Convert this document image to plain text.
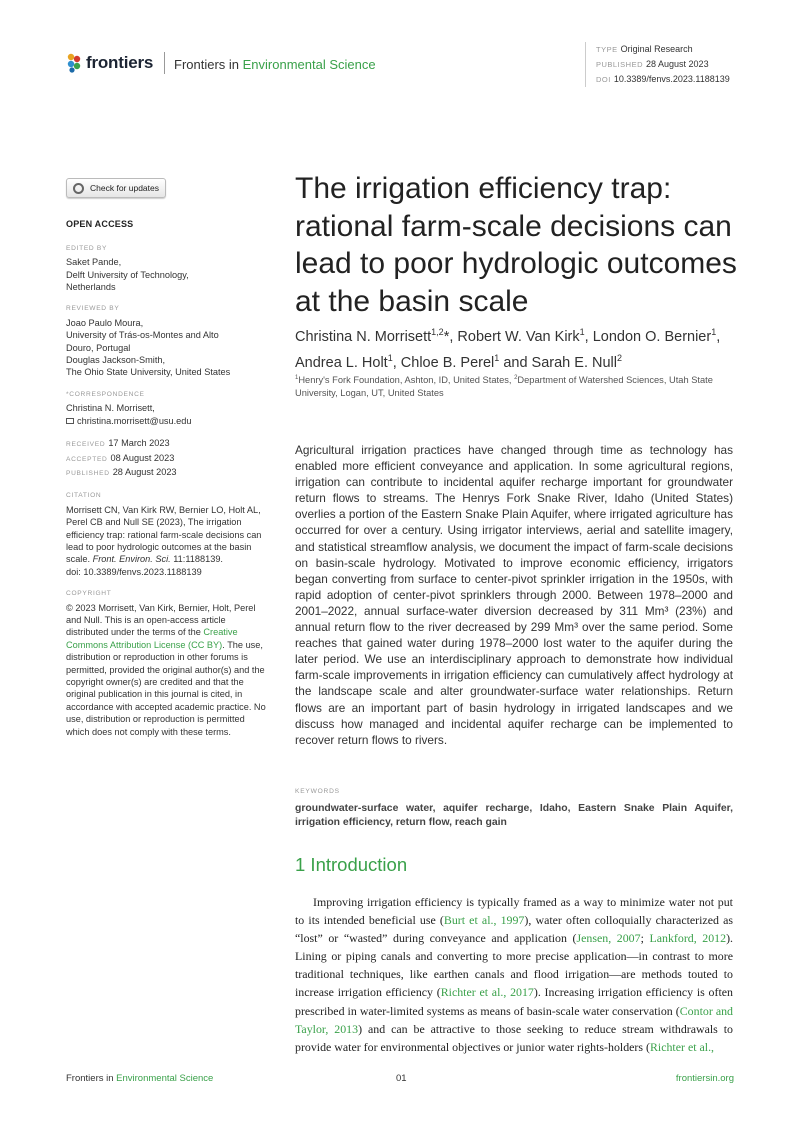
frontiers Frontiers in Environmental Science
TYPE Original Research
PUBLISHED 28 August 2023
DOI 10.3389/fenvs.2023.1188139
Check for updates
OPEN ACCESS
EDITED BY
Saket Pande,
Delft University of Technology,
Netherlands
REVIEWED BY
Joao Paulo Moura,
University of Trás-os-Montes and Alto
Douro, Portugal
Douglas Jackson-Smith,
The Ohio State University, United States
*CORRESPONDENCE
Christina N. Morrisett,
christina.morrisett@usu.edu
RECEIVED 17 March 2023
ACCEPTED 08 August 2023
PUBLISHED 28 August 2023
CITATION
Morrisett CN, Van Kirk RW, Bernier LO, Holt AL, Perel CB and Null SE (2023), The irrigation efficiency trap: rational farm-scale decisions can lead to poor hydrologic outcomes at the basin scale. Front. Environ. Sci. 11:1188139.
doi: 10.3389/fenvs.2023.1188139
COPYRIGHT
© 2023 Morrisett, Van Kirk, Bernier, Holt, Perel and Null. This is an open-access article distributed under the terms of the Creative Commons Attribution License (CC BY). The use, distribution or reproduction in other forums is permitted, provided the original author(s) and the copyright owner(s) are credited and that the original publication in this journal is cited, in accordance with accepted academic practice. No use, distribution or reproduction is permitted which does not comply with these terms.
The irrigation efficiency trap: rational farm-scale decisions can lead to poor hydrologic outcomes at the basin scale
Christina N. Morrisett$^{1,2}$*, Robert W. Van Kirk$^1$, London O. Bernier$^1$, Andrea L. Holt$^1$, Chloe B. Perel$^1$ and Sarah E. Null$^2$
$^1$Henry's Fork Foundation, Ashton, ID, United States, $^2$Department of Watershed Sciences, Utah State University, Logan, UT, United States

Agricultural irrigation practices have changed through time as technology has enabled more efficient conveyance and application. In some agricultural regions, irrigation can contribute to incidental aquifer recharge important for groundwater return flows to streams. The Henrys Fork Snake River, Idaho (United States) overlies a portion of the Eastern Snake Plain Aquifer, where irrigated agriculture has occurred for over a century. Using irrigator interviews, aerial and satellite imagery, and statistical streamflow analysis, we document the impact of farm-scale decisions on basin-scale hydrology. Motivated to improve economic efficiency, irrigators began converting from surface to center-pivot sprinkler irrigation in the 1950s, with rapid adoption of center-pivot sprinklers through 2000. Between 1978–2000 and 2001–2022, annual surface-water diversion decreased by 311 Mm³ (23%) and annual return flow to the river decreased by 299 Mm³ over the same period. Some reaches that gained water during 1978–2000 lost water to the aquifer during the later period. We use an interdisciplinary approach to demonstrate how individual farm-scale improvements in irrigation efficiency can cumulatively affect hydrology at the landscape scale and alter groundwater-surface water relationships. Return flows are an important part of basin hydrology in irrigated landscapes and we discuss how managed and incidental aquifer recharge can be implemented to recover return flows to rivers.

KEYWORDS

groundwater-surface water, aquifer recharge, Idaho, Eastern Snake Plain Aquifer, irrigation efficiency, return flow, reach gain

1 Introduction

Improving irrigation efficiency is typically framed as a way to minimize water not put to its intended beneficial use (Burt et al., 1997), water often colloquially characterized as “lost” or “wasted” during conveyance and application (Jensen, 2007; Lankford, 2012). Lining or piping canals and converting to more precise application—in contrast to more traditional techniques, like earthen canals and flood irrigation—are methods touted to increase irrigation efficiency (Richter et al., 2017). Increasing irrigation efficiency is often prescribed in water-limited systems as means of basin-scale water conservation (Contor and Taylor, 2013) and can be attractive to those seeking to reduce stream withdrawals to provide water for environmental objectives or junior water rights-holders (Richter et al.,

Frontiers in Environmental Science	01	frontiersin.org
